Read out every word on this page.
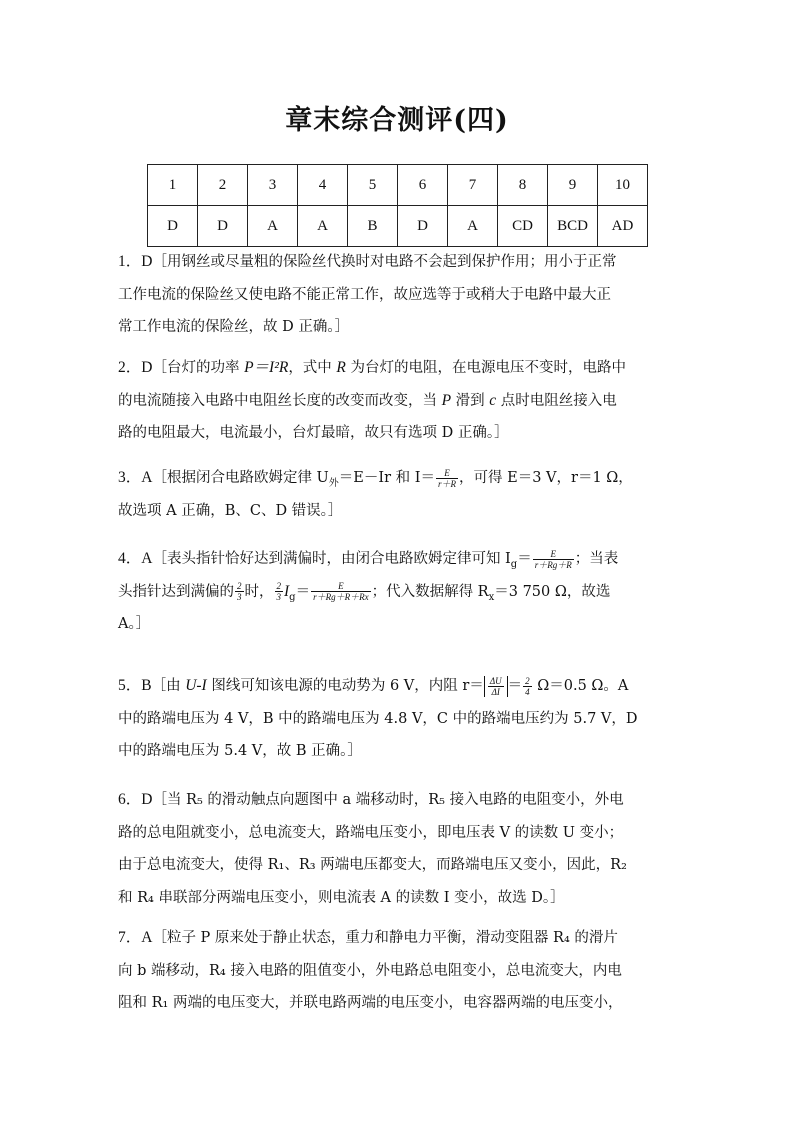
章末综合测评(四)
1	2	3	4	5	6	7	8	9	10
D	D	A	A	B	D	A	CD	BCD	AD
1．D［用钢丝或尽量粗的保险丝代换时对电路不会起到保护作用；用小于正常
工作电流的保险丝又使电路不能正常工作，故应选等于或稍大于电路中最大正
常工作电流的保险丝，故 D 正确。］
2．D［台灯的功率 P＝I²R，式中 R 为台灯的电阻，在电源电压不变时，电路中
的电流随接入电路中电阻丝长度的改变而改变，当 P 滑到 c 点时电阻丝接入电
路的电阻最大，电流最小，台灯最暗，故只有选项 D 正确。］
3．A［根据闭合电路欧姆定律 $U_外=E-Ir$ 和 $I= \frac{E}{r+R}$ ，可得 E＝3 V，r＝1 Ω，
故选项 A 正确，B、C、D 错误。］
4．A［表头指针恰好达到满偏时，由闭合电路欧姆定律可知 $I_g= \frac{E}{r+Rg+R}$ ；当表
头指针达到满偏的 $\frac{2}{3}$ 时， $\frac{2}{3} I_g= \frac{E}{r+Rg+R+Rx}$ ；代入数据解得 $R_x=3$ 750 Ω，故选
A。］
5．B［由 U-I 图线可知该电源的电动势为 6 V，内阻 $r= \frac{\Delta U}{\Delta I} = \frac{2}{4} \Omega=0.5$ Ω。A
中的路端电压为 4 V，B 中的路端电压为 4.8 V，C 中的路端电压约为 5.7 V，D
中的路端电压为 5.4 V，故 B 正确。］
6．D［当 R₅ 的滑动触点向题图中 a 端移动时，R₅ 接入电路的电阻变小，外电
路的总电阻就变小，总电流变大，路端电压变小，即电压表 V 的读数 U 变小；
由于总电流变大，使得 R₁、R₃ 两端电压都变大，而路端电压又变小，因此，R₂
和 R₄ 串联部分两端电压变小，则电流表 A 的读数 I 变小，故选 D。］
7．A［粒子 P 原来处于静止状态，重力和静电力平衡，滑动变阻器 R₄ 的滑片
向 b 端移动，R₄ 接入电路的阻值变小，外电路总电阻变小，总电流变大，内电
阻和 R₁ 两端的电压变大，并联电路两端的电压变小，电容器两端的电压变小，
